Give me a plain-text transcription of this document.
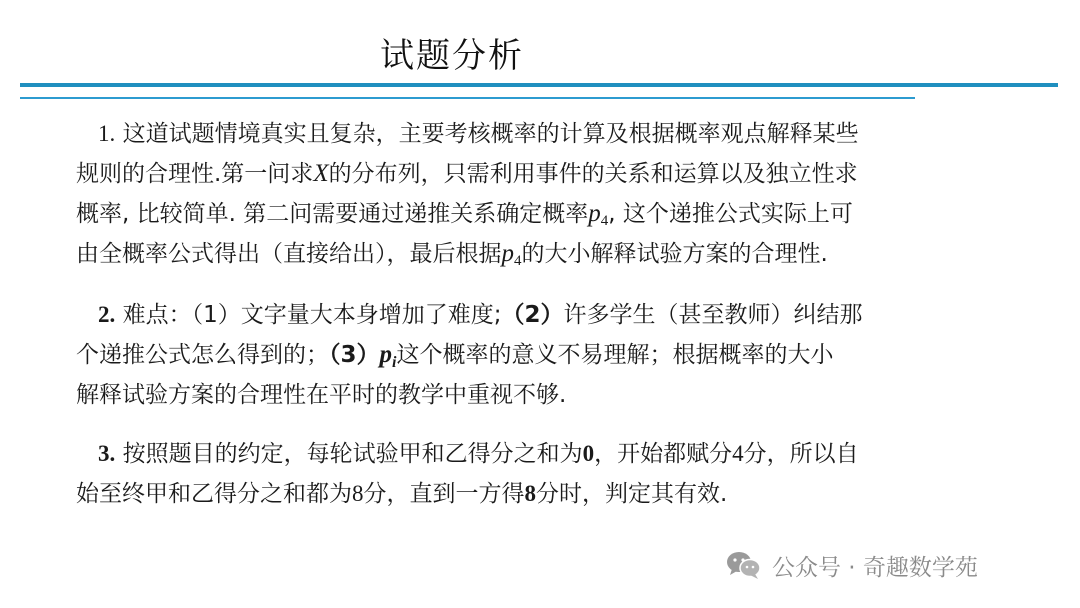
试题分析
1. 这道试题情境真实且复杂，主要考核概率的计算及根据概率观点解释某些
规则的合理性.第一问求X的分布列，只需利用事件的关系和运算以及独立性求
概率, 比较简单. 第二问需要通过递推关系确定概率$p_4$, 这个递推公式实际上可
由全概率公式得出（直接给出），最后根据$p_4$的大小解释试验方案的合理性.
2. 难点：（1）文字量大本身增加了难度;（2）许多学生（甚至教师）纠结那
个递推公式怎么得到的；$(3)p_i$这个概率的意义不易理解；根据概率的大小
解释试验方案的合理性在平时的教学中重视不够.
3. 按照题目的约定，每轮试验甲和乙得分之和为0，开始都赋分4分，所以自
始至终甲和乙得分之和都为8分，直到一方得8分时，判定其有效.
公众号 · 奇趣数学苑
